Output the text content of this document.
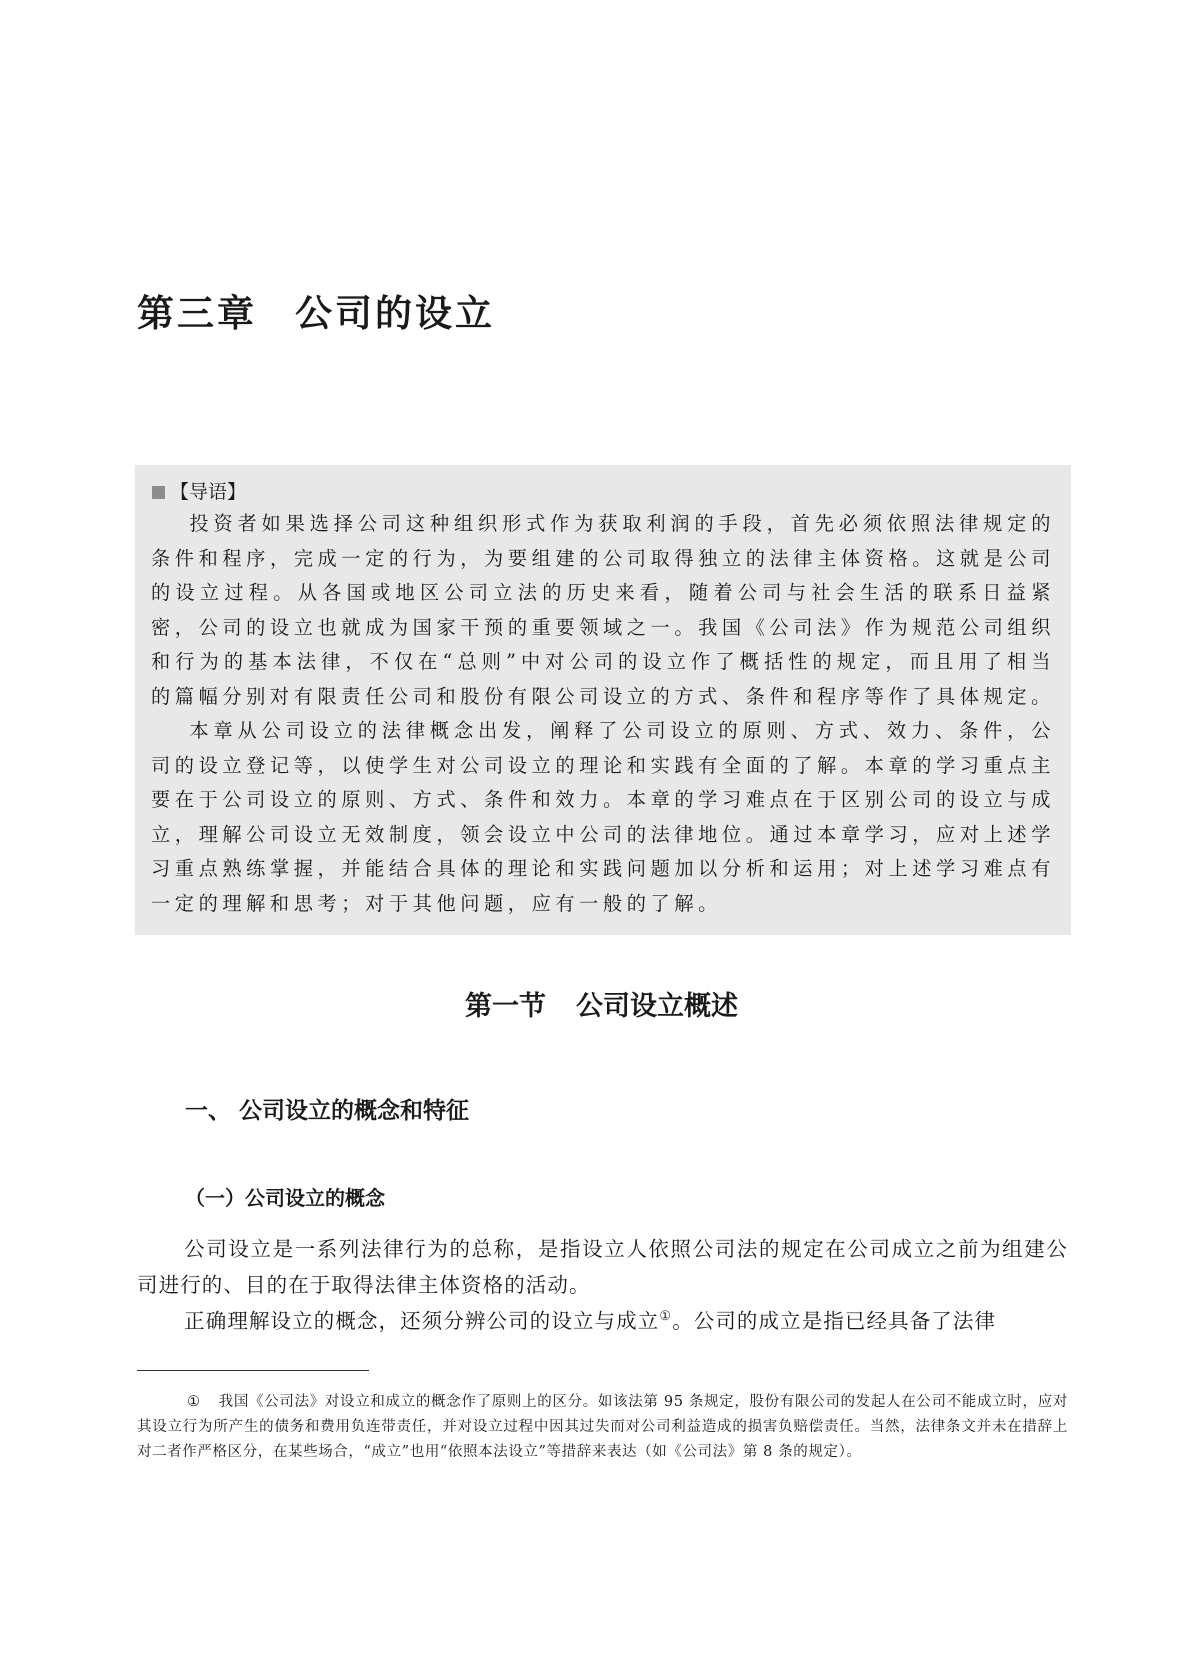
第三章 公司的设立
【导语】

投资者如果选择公司这种组织形式作为获取利润的手段，首先必须依照法律规定的条件和程序，完成一定的行为，为要组建的公司取得独立的法律主体资格。这就是公司的设立过程。从各国或地区公司立法的历史来看，随着公司与社会生活的联系日益紧密，公司的设立也就成为国家干预的重要领域之一。我国《公司法》作为规范公司组织和行为的基本法律，不仅在“总则”中对公司的设立作了概括性的规定，而且用了相当的篇幅分别对有限责任公司和股份有限公司设立的方式、条件和程序等作了具体规定。

本章从公司设立的法律概念出发，阐释了公司设立的原则、方式、效力、条件，公司的设立登记等，以使学生对公司设立的理论和实践有全面的了解。本章的学习重点主要在于公司设立的原则、方式、条件和效力。本章的学习难点在于区别公司的设立与成立，理解公司设立无效制度，领会设立中公司的法律地位。通过本章学习，应对上述学习重点熟练掌握，并能结合具体的理论和实践问题加以分析和运用；对上述学习难点有一定的理解和思考；对于其他问题，应有一般的了解。

第一节 公司设立概述
一、 公司设立的概念和特征
（一）公司设立的概念

公司设立是一系列法律行为的总称，是指设立人依照公司法的规定在公司成立之前为组建公司进行的、目的在于取得法律主体资格的活动。

正确理解设立的概念，还须分辨公司的设立与成立①。公司的成立是指已经具备了法律

① 我国《公司法》对设立和成立的概念作了原则上的区分。如该法第 95 条规定，股份有限公司的发起人在公司不能成立时，应对其设立行为所产生的债务和费用负连带责任，并对设立过程中因其过失而对公司利益造成的损害负赔偿责任。当然，法律条文并未在措辞上对二者作严格区分，在某些场合，“成立”也用“依照本法设立”等措辞来表达（如《公司法》第 8 条的规定）。
